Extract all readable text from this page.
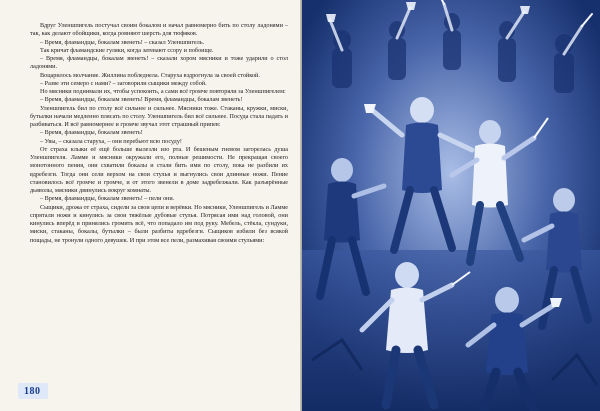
Вдруг Уленшпигель постучал своим бокалом и начал равномерно бить по столу ладонями – так, как делают обойщики, когда ровняют шерсть для тюфяков.

– Время, фламандцы, бокалам звенеть! – сказал Уленшпигель.

Так кричат фламандские гуляки, когда затевают ссору и побоище.

– Время, фламандцы, бокалам звенеть! – сказали хором мясники и тоже ударили о стол ладонями.

Воцарилось молчание. Жиллина побледнела. Старуха вздрогнула за своей стойкой.

– Разве эти семеро с нами? – заговорили сыщики между собой.

Но мясники поднимали их, чтобы успокоить, а сами всё громче повторяли за Уленшпигелем:

– Время, фламандцы, бокалам звенеть! Время, фламандцы, бокалам звенеть!

Уленшпигель бил по столу всё сильнее и сильнее. Мясники тоже. Стаканы, кружки, миски, бутылки начали медленно плясать по столу. Уленшпигель бил всё сильнее. Посуда стала падать и разбиваться. И всё равномернее и громче звучал этот страшный припев:

– Время, фламандцы, бокалам звенеть!

– Увы, – сказала старуха, – они перебьют всю посуду!

От страха клыки её ещё больше вылезли изо рта. И бешеным гневом загорелась душа Уленшпигеля. Ламме и мясники окружали его, полные решимости. Не прекращая своего монотонного пения, они схватили бокалы и стали бить ими по столу, пока не разбили их вдребезги. Тогда они сели верхом на свои стулья и выгнулись свои длинные ножи. Пение становилось всё громче и громче, и от этого звенели в доме задребезжали. Как разъярённые дьяволы, мясники двинулись вокруг комнаты.

– Время, фламандцы, бокалам звенеть! – пели они.

Сыщики, дрожа от страха, сидели за свои цепи и верёвки. Но мясники, Уленшпигель и Ламме спрятали ножи и кинулись за свои тяжёлые дубовые стулья. Потрясая ими над головой, они кинулись вперёд и принялись громить всё, что попадало им под руку. Мебель, стёкла, сундуки, миски, стаканы, бокалы, бутылки – были разбиты вдребезги. Сыщиков избили без всякой пощады, не тронули одного девушек. И при этом все пели, размахивая своими стульями:

180
